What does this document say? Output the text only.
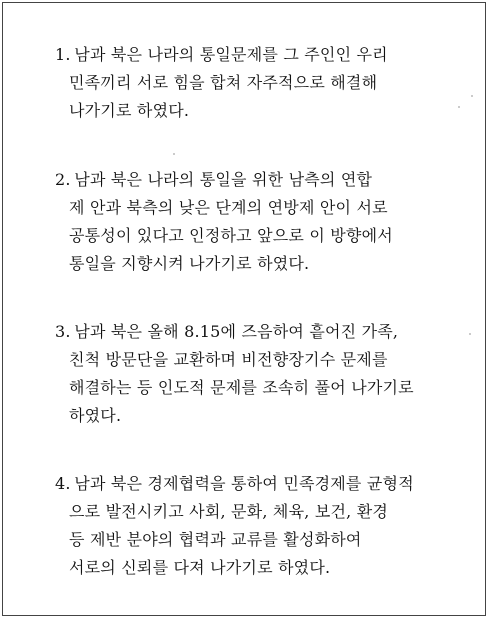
1. 남과 북은 나라의 통일문제를 그 주인인 우리
민족끼리 서로 힘을 합쳐 자주적으로 해결해
나가기로 하였다.
2. 남과 북은 나라의 통일을 위한 남측의 연합
제 안과 북측의 낮은 단계의 연방제 안이 서로
공통성이 있다고 인정하고 앞으로 이 방향에서
통일을 지향시켜 나가기로 하였다.
3. 남과 북은 올해 8.15에 즈음하여 흩어진 가족,
친척 방문단을 교환하며 비전향장기수 문제를
해결하는 등 인도적 문제를 조속히 풀어 나가기로
하였다.
4. 남과 북은 경제협력을 통하여 민족경제를 균형적
으로 발전시키고 사회, 문화, 체육, 보건, 환경
등 제반 분야의 협력과 교류를 활성화하여
서로의 신뢰를 다져 나가기로 하였다.
